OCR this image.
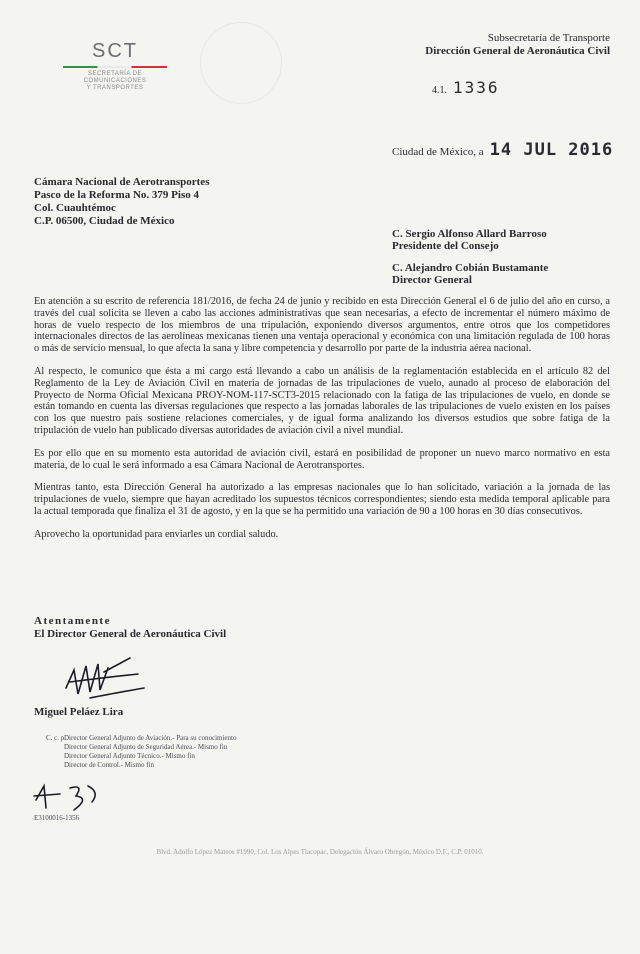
SCT
SECRETARÍA DE
COMUNICACIONES
Y TRANSPORTES
Subsecretaría de Transporte
Dirección General de Aeronáutica Civil
4.1. 1336
Ciudad de México, a 14 JUL 2016
Cámara Nacional de Aerotransportes
Pasco de la Reforma No. 379 Piso 4
Col. Cuauhtémoc
C.P. 06500, Ciudad de México
C. Sergio Alfonso Allard Barroso
Presidente del Consejo
C. Alejandro Cobián Bustamante
Director General

En atención a su escrito de referencia 181/2016, de fecha 24 de junio y recibido en esta Dirección General el 6 de julio del año en curso, a través del cual solicita se lleven a cabo las acciones administrativas que sean necesarias, a efecto de incrementar el número máximo de horas de vuelo respecto de los miembros de una tripulación, exponiendo diversos argumentos, entre otros que los competidores internacionales directos de las aerolíneas mexicanas tienen una ventaja operacional y económica con una limitación regulada de 100 horas o más de servicio mensual, lo que afecta la sana y libre competencia y desarrollo por parte de la industria aérea nacional.

Al respecto, le comunico que ésta a mi cargo está llevando a cabo un análisis de la reglamentación establecida en el artículo 82 del Reglamento de la Ley de Aviación Civil en materia de jornadas de las tripulaciones de vuelo, aunado al proceso de elaboración del Proyecto de Norma Oficial Mexicana PROY-NOM-117-SCT3-2015 relacionado con la fatiga de las tripulaciones de vuelo, en donde se están tomando en cuenta las diversas regulaciones que respecto a las jornadas laborales de las tripulaciones de vuelo existen en los países con los que nuestro país sostiene relaciones comerciales, y de igual forma analizando los diversos estudios que sobre fatiga de la tripulación de vuelo han publicado diversas autoridades de aviación civil a nivel mundial.

Es por ello que en su momento esta autoridad de aviación civil, estará en posibilidad de proponer un nuevo marco normativo en esta materia, de lo cual le será informado a esa Cámara Nacional de Aerotransportes.

Mientras tanto, esta Dirección General ha autorizado a las empresas nacionales que lo han solicitado, variación a la jornada de las tripulaciones de vuelo, siempre que hayan acreditado los supuestos técnicos correspondientes; siendo esta medida temporal aplicable para la actual temporada que finaliza el 31 de agosto, y en la que se ha permitido una variación de 90 a 100 horas en 30 días consecutivos.

Aprovecho la oportunidad para enviarles un cordial saludo.

Atentamente
El Director General de Aeronáutica Civil
Miguel Peláez Lira
C. c. p.Director General Adjunto de Aviación.- Para su conocimiento
Director General Adjunto de Seguridad Aérea.- Mismo fin
Director General Adjunto Técnico.- Mismo fin
Director de Control.- Mismo fin
E3100016-1356
Blvd. Adolfo López Mateos #1990, Col. Los Alpes Tlacopac, Delegación Álvaro Obregón, México D.F., C.P. 01010.
